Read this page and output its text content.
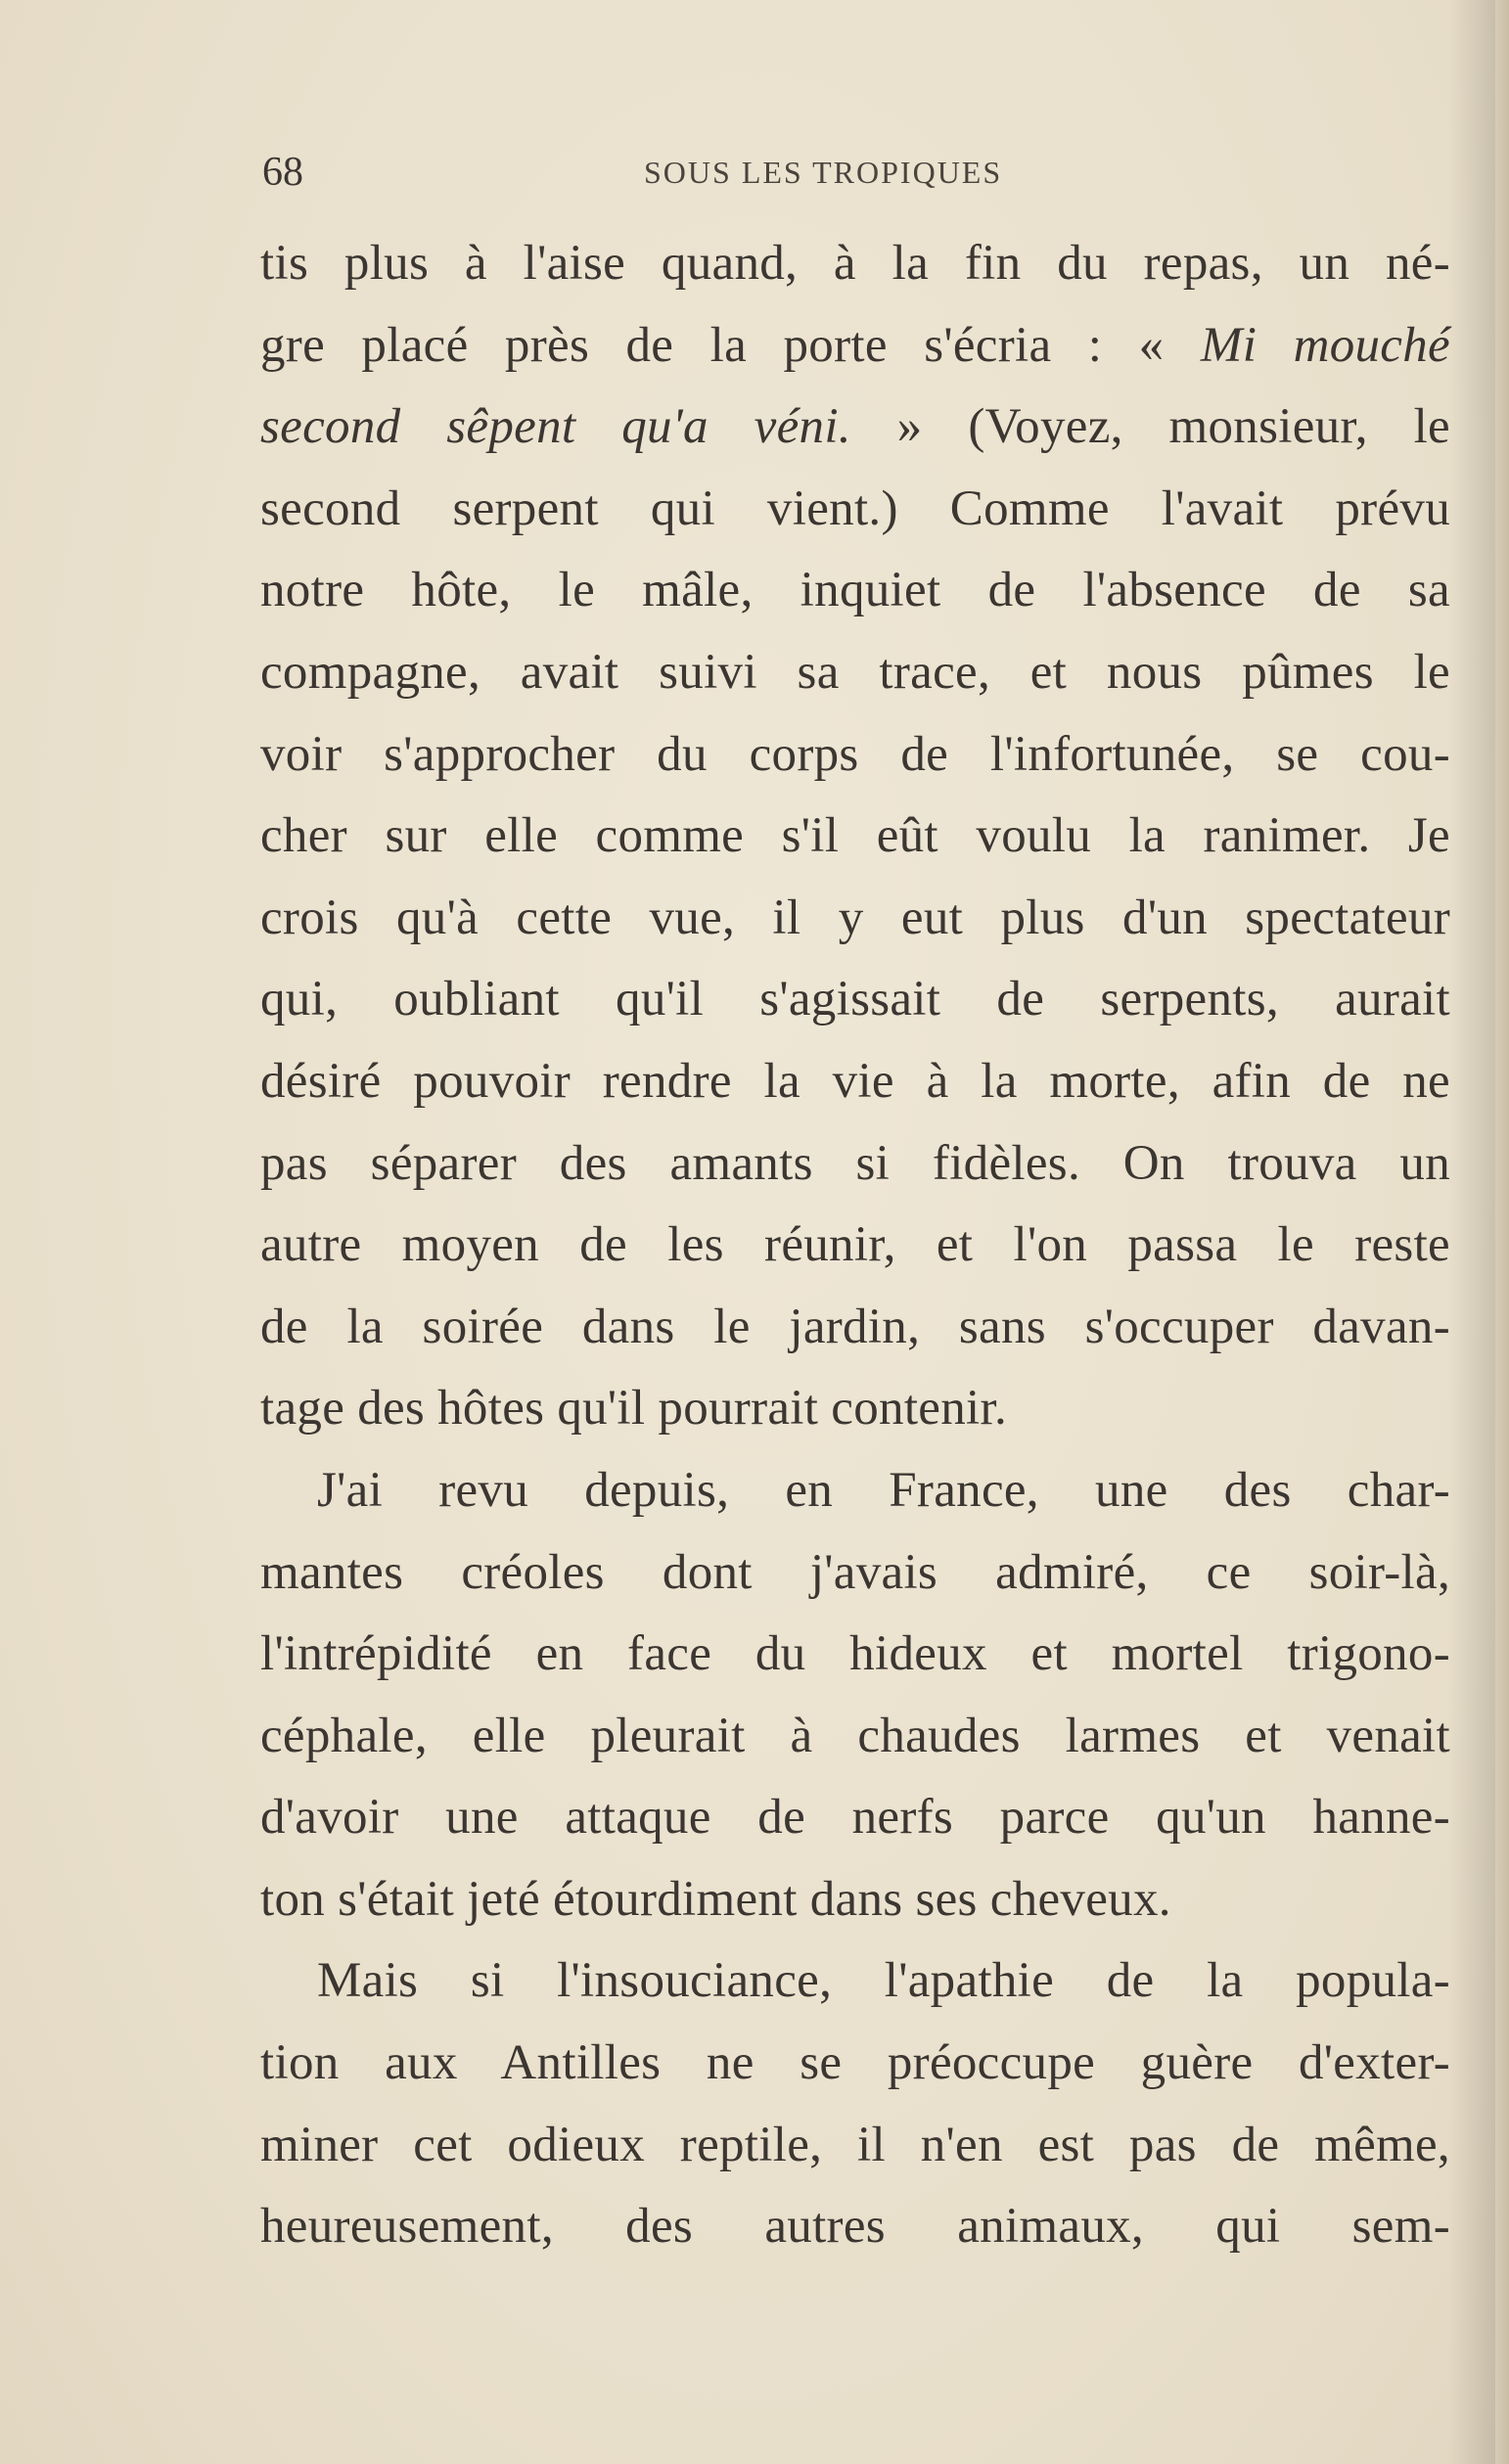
68	SOUS LES TROPIQUES
tis plus à l'aise quand, à la fin du repas, un né-
gre placé près de la porte s'écria : « Mi mouché
second sêpent qu'a véni. » (Voyez, monsieur, le
second serpent qui vient.) Comme l'avait prévu
notre hôte, le mâle, inquiet de l'absence de sa
compagne, avait suivi sa trace, et nous pûmes le
voir s'approcher du corps de l'infortunée, se cou-
cher sur elle comme s'il eût voulu la ranimer. Je
crois qu'à cette vue, il y eut plus d'un spectateur
qui, oubliant qu'il s'agissait de serpents, aurait
désiré pouvoir rendre la vie à la morte, afin de ne
pas séparer des amants si fidèles. On trouva un
autre moyen de les réunir, et l'on passa le reste
de la soirée dans le jardin, sans s'occuper davan-
tage des hôtes qu'il pourrait contenir.
J'ai revu depuis, en France, une des char-
mantes créoles dont j'avais admiré, ce soir-là,
l'intrépidité en face du hideux et mortel trigono-
céphale, elle pleurait à chaudes larmes et venait
d'avoir une attaque de nerfs parce qu'un hanne-
ton s'était jeté étourdiment dans ses cheveux.
Mais si l'insouciance, l'apathie de la popula-
tion aux Antilles ne se préoccupe guère d'exter-
miner cet odieux reptile, il n'en est pas de même,
heureusement, des autres animaux, qui sem-
